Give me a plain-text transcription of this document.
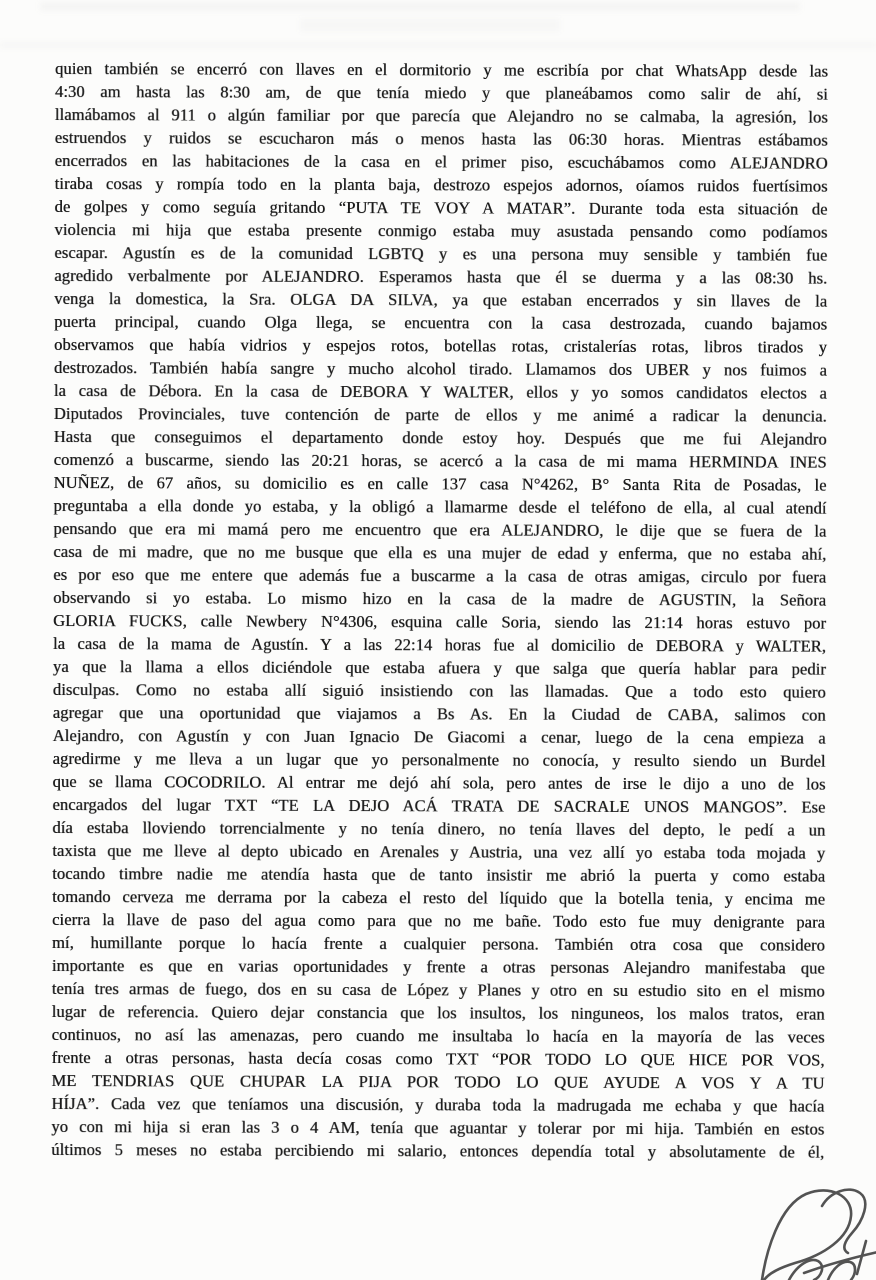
quien también se encerró con llaves en el dormitorio y me escribía por chat WhatsApp desde las
4:30 am hasta las 8:30 am, de que tenía miedo y que planeábamos como salir de ahí, si
llamábamos al 911 o algún familiar por que parecía que Alejandro no se calmaba, la agresión, los
estruendos y ruidos se escucharon más o menos hasta las 06:30 horas. Mientras estábamos
encerrados en las habitaciones de la casa en el primer piso, escuchábamos como ALEJANDRO
tiraba cosas y rompía todo en la planta baja, destrozo espejos adornos, oíamos ruidos fuertísimos
de golpes y como seguía gritando “PUTA TE VOY A MATAR”. Durante toda esta situación de
violencia mi hija que estaba presente conmigo estaba muy asustada pensando como podíamos
escapar. Agustín es de la comunidad LGBTQ y es una persona muy sensible y también fue
agredido verbalmente por ALEJANDRO. Esperamos hasta que él se duerma y a las 08:30 hs.
venga la domestica, la Sra. OLGA DA SILVA, ya que estaban encerrados y sin llaves de la
puerta principal, cuando Olga llega, se encuentra con la casa destrozada, cuando bajamos
observamos que había vidrios y espejos rotos, botellas rotas, cristalerías rotas, libros tirados y
destrozados. También había sangre y mucho alcohol tirado. Llamamos dos UBER y nos fuimos a
la casa de Débora. En la casa de DEBORA Y WALTER, ellos y yo somos candidatos electos a
Diputados Provinciales, tuve contención de parte de ellos y me animé a radicar la denuncia.
Hasta que conseguimos el departamento donde estoy hoy. Después que me fui Alejandro
comenzó a buscarme, siendo las 20:21 horas, se acercó a la casa de mi mama HERMINDA INES
NUÑEZ, de 67 años, su domicilio es en calle 137 casa N°4262, B° Santa Rita de Posadas, le
preguntaba a ella donde yo estaba, y la obligó a llamarme desde el teléfono de ella, al cual atendí
pensando que era mi mamá pero me encuentro que era ALEJANDRO, le dije que se fuera de la
casa de mi madre, que no me busque que ella es una mujer de edad y enferma, que no estaba ahí,
es por eso que me entere que además fue a buscarme a la casa de otras amigas, circulo por fuera
observando si yo estaba. Lo mismo hizo en la casa de la madre de AGUSTIN, la Señora
GLORIA FUCKS, calle Newbery N°4306, esquina calle Soria, siendo las 21:14 horas estuvo por
la casa de la mama de Agustín. Y a las 22:14 horas fue al domicilio de DEBORA y WALTER,
ya que la llama a ellos diciéndole que estaba afuera y que salga que quería hablar para pedir
disculpas. Como no estaba allí siguió insistiendo con las llamadas. Que a todo esto quiero
agregar que una oportunidad que viajamos a Bs As. En la Ciudad de CABA, salimos con
Alejandro, con Agustín y con Juan Ignacio De Giacomi a cenar, luego de la cena empieza a
agredirme y me lleva a un lugar que yo personalmente no conocía, y resulto siendo un Burdel
que se llama COCODRILO. Al entrar me dejó ahí sola, pero antes de irse le dijo a uno de los
encargados del lugar TXT “TE LA DEJO ACÁ TRATA DE SACRALE UNOS MANGOS”. Ese
día estaba lloviendo torrencialmente y no tenía dinero, no tenía llaves del depto, le pedí a un
taxista que me lleve al depto ubicado en Arenales y Austria, una vez allí yo estaba toda mojada y
tocando timbre nadie me atendía hasta que de tanto insistir me abrió la puerta y como estaba
tomando cerveza me derrama por la cabeza el resto del líquido que la botella tenia, y encima me
cierra la llave de paso del agua como para que no me bañe. Todo esto fue muy denigrante para
mí, humillante porque lo hacía frente a cualquier persona. También otra cosa que considero
importante es que en varias oportunidades y frente a otras personas Alejandro manifestaba que
tenía tres armas de fuego, dos en su casa de López y Planes y otro en su estudio sito en el mismo
lugar de referencia. Quiero dejar constancia que los insultos, los ninguneos, los malos tratos, eran
continuos, no así las amenazas, pero cuando me insultaba lo hacía en la mayoría de las veces
frente a otras personas, hasta decía cosas como TXT “POR TODO LO QUE HICE POR VOS,
ME TENDRIAS QUE CHUPAR LA PIJA POR TODO LO QUE AYUDE A VOS Y A TU
HÍJA”. Cada vez que teníamos una discusión, y duraba toda la madrugada me echaba y que hacía
yo con mi hija si eran las 3 o 4 AM, tenía que aguantar y tolerar por mi hija. También en estos
últimos 5 meses no estaba percibiendo mi salario, entonces dependía total y absolutamente de él,
